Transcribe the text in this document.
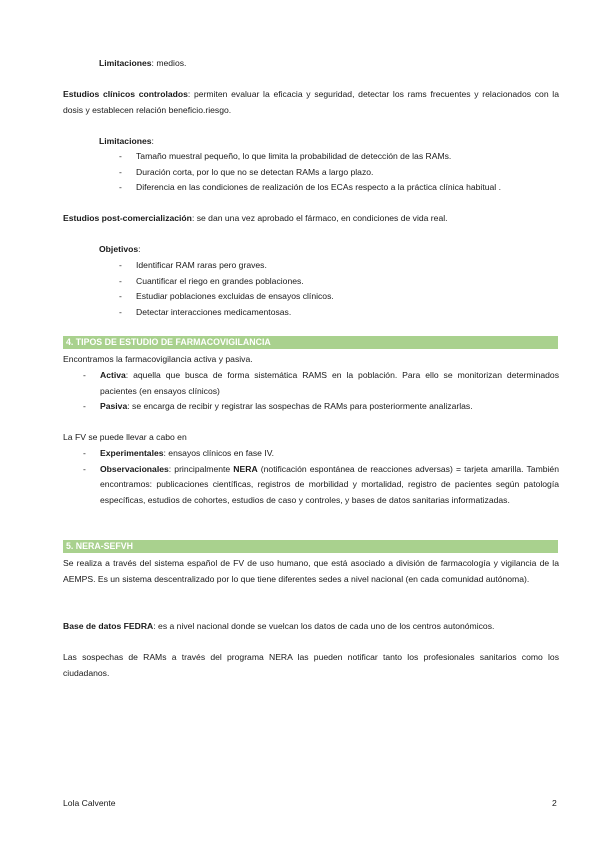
Limitaciones: medios.
Estudios clínicos controlados: permiten evaluar la eficacia y seguridad, detectar los rams frecuentes y relacionados con la dosis y establecen relación beneficio.riesgo.
Limitaciones:
- Tamaño muestral pequeño, lo que limita la probabilidad de detección de las RAMs.
- Duración corta, por lo que no se detectan RAMs a largo plazo.
- Diferencia en las condiciones de realización de los ECAs respecto a la práctica clínica habitual .
Estudios post-comercialización: se dan una vez aprobado el fármaco, en condiciones de vida real.
Objetivos:
- Identificar RAM raras pero graves.
- Cuantificar el riego en grandes poblaciones.
- Estudiar poblaciones excluidas de ensayos clínicos.
- Detectar interacciones medicamentosas.
4. TIPOS DE ESTUDIO DE FARMACOVIGILANCIA
Encontramos la farmacovigilancia activa y pasiva.
- Activa: aquella que busca de forma sistemática RAMS en la población. Para ello se monitorizan determinados pacientes (en ensayos clínicos)
- Pasiva: se encarga de recibir y registrar las sospechas de RAMs para posteriormente analizarlas.
La FV se puede llevar a cabo en
- Experimentales: ensayos clínicos en fase IV.
- Observacionales: principalmente NERA (notificación espontánea de reacciones adversas) = tarjeta amarilla. También encontramos: publicaciones científicas, registros de morbilidad y mortalidad, registro de pacientes según patología específicas, estudios de cohortes, estudios de caso y controles, y bases de datos sanitarias informatizadas.
5. NERA-SEFVH
Se realiza a través del sistema español de FV de uso humano, que está asociado a división de farmacología y vigilancia de la AEMPS. Es un sistema descentralizado por lo que tiene diferentes sedes a nivel nacional (en cada comunidad autónoma).
Base de datos FEDRA: es a nivel nacional donde se vuelcan los datos de cada uno de los centros autonómicos.
Las sospechas de RAMs a través del programa NERA las pueden notificar tanto los profesionales sanitarios como los ciudadanos.
Lola Calvente	2
